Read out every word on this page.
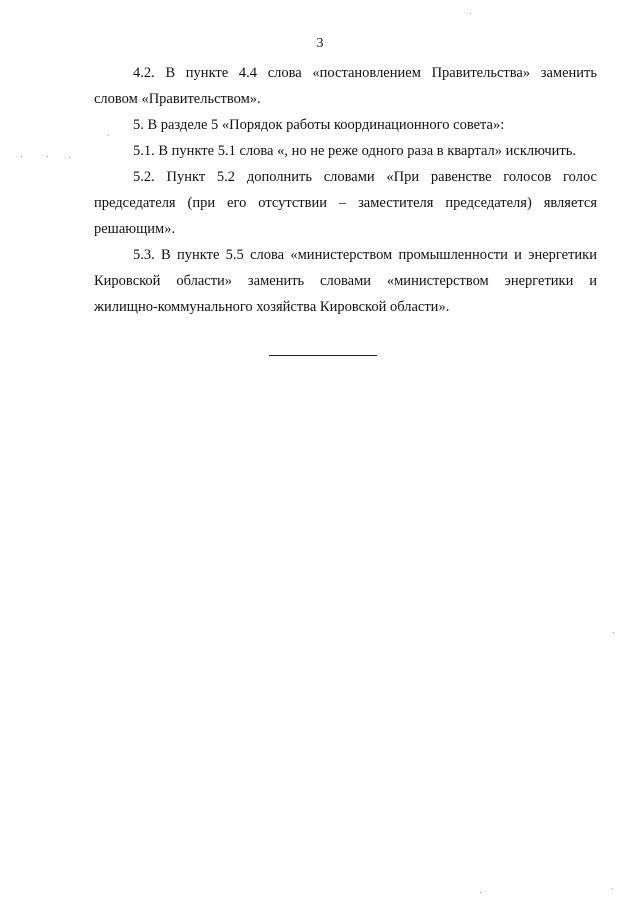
3
4.2. В пункте 4.4 слова «постановлением Правительства» заменить
словом «Правительством».
5. В разделе 5 «Порядок работы координационного совета»:
5.1. В пункте 5.1 слова «, но не реже одного раза в квартал» исключить.
5.2. Пункт 5.2 дополнить словами «При равенстве голосов голос
председателя (при его отсутствии – заместителя председателя) является
решающим».
5.3. В пункте 5.5 слова «министерством промышленности и энергетики
Кировской области» заменить словами «министерством энергетики и
жилищно-коммунального хозяйства Кировской области».
